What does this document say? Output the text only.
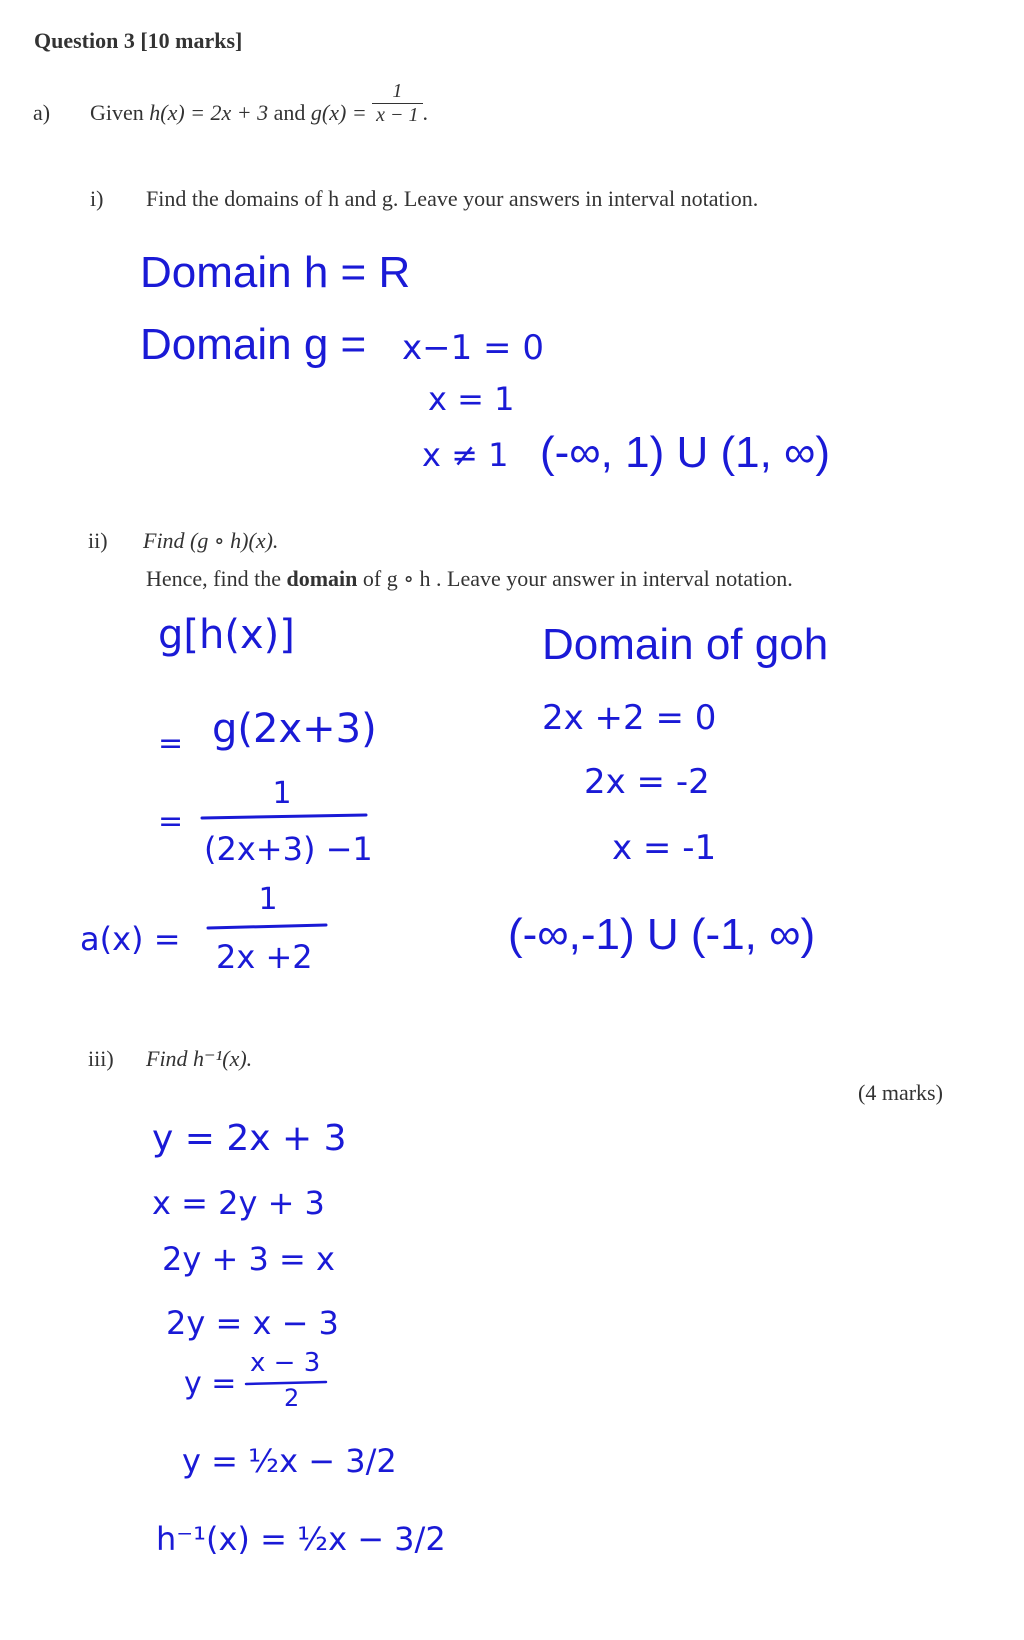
Question 3 [10 marks]
a) Given h(x) = 2x + 3 and $g(x) = \frac{1}{x - 1}$ .
i) Find the domains of h and g. Leave your answers in interval notation.
Domain h = R
Domain g = x−1 = 0
x = 1
x ≠ 1 (-∞, 1) U (1, ∞)
ii) Find (g ∘ h)(x).
Hence, find the domain of g ∘ h . Leave your answer in interval notation.
g[h(x)]
= g(2x+3)
=
1
(2x+3) −1
a(x) =
1
2x +2
Domain of goh
2x +2 = 0
2x = -2
x = -1
(-∞,-1) U (-1, ∞)
iii) Find h⁻¹(x).
(4 marks)
y = 2x + 3
x = 2y + 3
2y + 3 = x
2y = x − 3
y =
x − 3
2
y = ½x − 3/2
h⁻¹(x) = ½x − 3/2
